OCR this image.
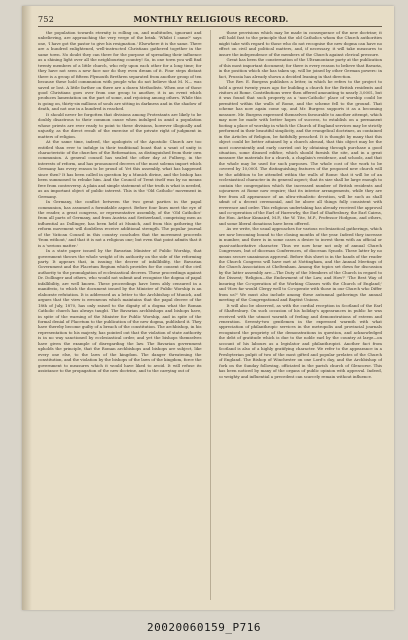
752	MONTHLY RELIGIOUS RECORD.

the population towards eternity is rolling on, and multitudes, ignorant and unbelieving, are approaching the very verge of the brink. 'Whilst I came?' says one, 'I have got the pastor to give his resignation.' Elsewhere it is the same. There are a hundred enlightened, well-instructed Christians gathered together in the same town. No doubt they can there for the purpose of spreading their influence as a shining light over all the neighbouring country! So, in one town you will find twenty members of a little church, who rely upon each other for a long time; for they have not seen a new face nor do they even dream of it. Four steps distant there is a group of fifteen Plymouth Brethren separated from another group of ten because these hold communion with people who do not believe that M. N— was saved or lost. A little farther on there are a dozen Methodists. When one of those good Christians goes over from one group to another, it is an event which produces lamentation on the part of some, and rejoicing among others. While this is going on, thirty-six millions of souls are sitting in darkness and in the shadow of death, and not one in a hundred is reached.

It should never be forgotten that divisions among Protestants are likely to be doubly disastrous to their common cause when indulged in amid a population whose priests are ever ready to point to these divisions, however illogically and unjustly, as the direct result of the exercise of the private right of judgment in matters of religion.

At the same time, indeed, the apologists of the Apostolic Church are too entitled than ever to indulge in their traditional boast that a want of unity is characteristic of the churches of the Reformation, as distinguished from their own communion. A general council has sealed the other day at Fulberg, in the interests of reform, and has pronounced decrees of the most solemn import which Germany has every reason to be proud of. Yet this assembly, what has happened since then? It has been called in question by a Munich divine, and the bishop has been summoned to rebuke him. And the Council of Trent itself was by no means free from controversy. A plain and simple statement of the truth is what is needed, as an important object of public interest. This is the 'Old Catholic' movement in Germany.

In Germany, the conflict between the two great parties in the papal communion, has assumed a formidable aspect. Before four lines meet the eye of the reader, a great congress, or representative assembly, of the 'Old Catholics' from all parts of Germany, and from Austria and Switzerland, comprising men as influential as Dollinger, has been held at Munich, and from this gathering the reform movement will doubtless receive additional strength. The popular journal of the Vatican Council in this country concludes that the movement proceeds 'from without,' and that it is not a religious one; but even that point admits that it is a 'serious matter.'

In a state paper issued by the Bavarian Minister of Public Worship, that government throws the whole weight of its authority on the side of the reforming party. It appears that, in issuing the decree of infallibility, the Bavarian Government and the Placetum Regium which provides for the consent of the civil authority to the promulgation of ecclesiastical decrees. These proceedings against Dr. Dollinger and others, who would not submit and recognise the dogma of papal infallibility, are well known. These proceedings have been ably censured in a manifesto, to which the document issued by the Minister of Public Worship is an elaborate refutation. It is addressed as a letter to the Archbishop of Munich, and argues that the view is erroneous which maintains that the papal decree of the 18th of July, 1870, has only raised to the dignity of a dogma what the Roman Catholic church has always taught. The Bavarian archbishops and bishops have, in spite of the warning of the Minister for Public Worship, and in spite of the formal denial of Placetum to the publication of the new dogma, published it. They have thereby become guilty of a breach of the constitution. The archbishop, in his representation to his majesty, has pointed out that the violation of state authority is in no way sanctioned by ecclesiastical order, and yet the bishops themselves have given the example of disregarding the law. The Bavarian government upholds the principle, that the Roman archbishops and bishops are subject, like every one else, to the laws of the kingdom. The danger threatening the constitution, and the violation by the bishops of the laws of the kingdom, force the government to measures which it would have liked to avoid. It will refuse its assistance to the propagation of the new doctrine, and to the carrying out of

those provisions which may be made in consequence of the new doctrine; it will hold fast to the principle that the old Catholics whom the Church authorities might take with regard to those who do not recognise the new dogma can have no effect on civil and political matters, and, if necessary, it will take measures to insure the independence of the members of the Church against clerical pressure.

Great has been the consternation of the Ultramontane party at the publication of this most important document; for there is every reason to believe that Bavaria, in the position which she has taken up, will be joined by other German powers: in fact, Prussia has already shown a decided leaning in that direction.

The Rev. E. Burgess publishes a letter, in which he refers to the project to hold a great twenty years ago for building a church for the British residents and visitors at Rome. Contributions were then offered amounting to nearly 3,000l., but it was found that such property as a 'non-Catholic' place of worship could be permitted within the walls of Rome, and the scheme fell to the ground. That scheme has now again come up, and Mr. Burgess supports it as a becoming measure. Mr. Burgess expressed themselves favourable to another attempt, which may now be made with better hopes of success, to establish on a permanent footing a place of worship in which the Church of England services may be strictly performed in their beautiful simplicity, and the evangelical doctrines, as contained in the Articles of Religion, be faithfully preached. It is thought by many that this object could be better attained by a church abroad, that this object may be the most conveniently and early carried out by obtaining through purchase a good situation, some disused edifice, which should furnish the site, and in a great measure the materials for a church, a chaplain's residence, and schools, and that the whole may be used for such purposes. The whole cost of the work to be covered by 10,000l. The distinguishing features of the proposed new church will be the addition to be attended within the walls of Rome: that it will be of an ecclesiastical character in its general aspect; that its size shall be large enough to contain the congregation which the increased number of British residents and sojourners at Rome now require; that its interior arrangements, while they are free from all appearance of an ultra-ritualistic devotion, will be such as shall admit of a decent ceremonial, and be above all things fully consistent with reverence and order. This religious undertaking has already received the approval and co-operation of the Earl of Harrowby, the Earl of Shaftesbury, the Earl Cairns, the Hon. Arthur Kinnaird, M.P., the W. Tite, M.P., Professor Hodgson, and others, and some liberal donations have been offered.

As we write, the usual approaches for various ecclesiastical gatherings, which are now becoming bound to the closing months of the year. Indeed they increase in number, and there is in some cases a desire to invest them with an official or quasi-authoritative character. Thus we now hear not only of annual Church Congresses, but of diocesan Conferences, of diocesan Synods. These latter by no means secure unanimous approval. Before this sheet is in the hands of the reader the Church Congress will have met at Nottingham, and the Annual Meetings of the Church Association at Cheltenham. Among the topics set down for discussion by the latter assembly are:—The Duty of the Members of the Church in regard to the Dissent; 'Religion—the Endowment of the Law, and How?' 'The Best Way of Insuring the Co-operation of the Working Classes with the Church of England;' and 'How far would Clergy well to Co-operate with those in our Church who Differ from us?' We must also include among these autumnal gatherings the annual meeting of the Congregational and Baptist Unions.

It will also be observed, as with the cordial reception in Scotland of the Earl of Shaftesbury. On such occasion of his holiday's appearances in public he was received with the utmost warmth of feeling and demonstrations of esteem and veneration. Seventy-two gentlemen in the expressed warmth with what appreciation of philanthropic services in the metropolis and provincial journals recognised the propriety of the demonstrations in question, and acknowledged the debt of gratitude which is due to the noble earl by the country at large—on account of his labours as a legislator and philanthropist. Another fact from Scotland is also of a highly gratifying character. We refer to the appearance in a Presbyterian pulpit of two of the most gifted and popular prelates of the Church of England. The Bishop of Winchester on one Lord's day, and the Archbishop of York on the Sunday following, officiated in the parish church of Glencorse. This has been noticed by many of the organs of public opinion with approval. Indeed, so weighty and influential a precedent can scarcely remain without influence.

20020060159_P716
